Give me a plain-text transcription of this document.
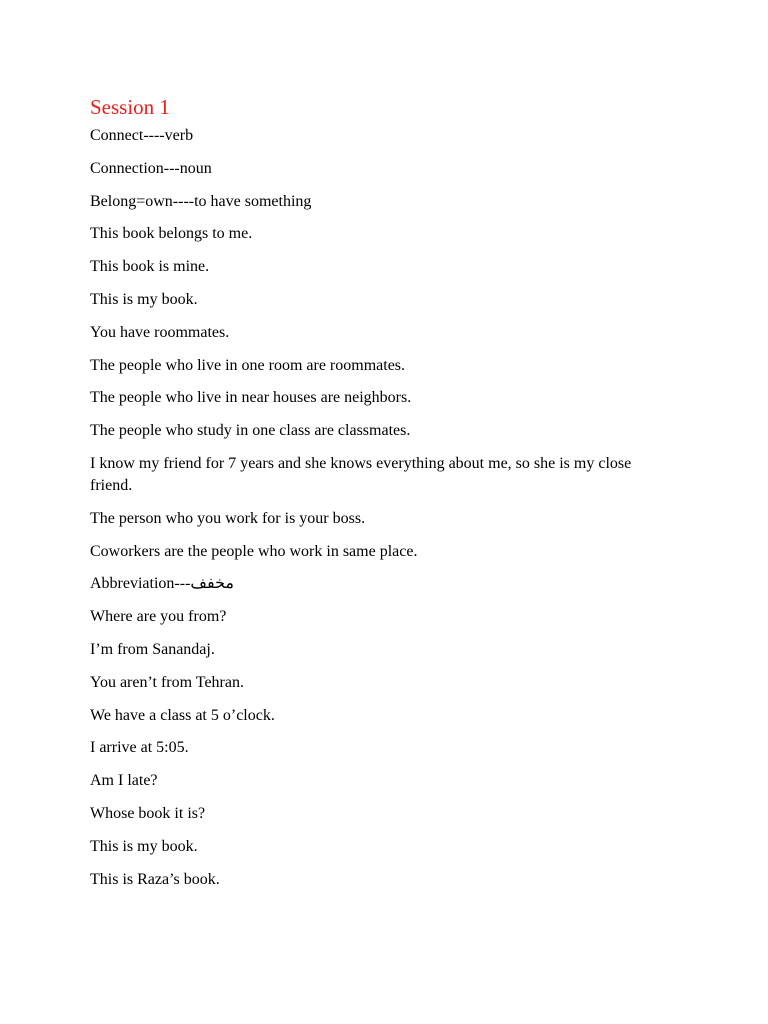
Session 1

Connect----verb

Connection---noun

Belong=own----to have something

This book belongs to me.

This book is mine.

This is my book.

You have roommates.

The people who live in one room are roommates.

The people who live in near houses are neighbors.

The people who study in one class are classmates.

I know my friend for 7 years and she knows everything about me, so she is my close friend.

The person who you work for is your boss.

Coworkers are the people who work in same place.

Abbreviation---مخفف

Where are you from?

I’m from Sanandaj.

You aren’t from Tehran.

We have a class at 5 o’clock.

I arrive at 5:05.

Am I late?

Whose book it is?

This is my book.

This is Raza’s book.
